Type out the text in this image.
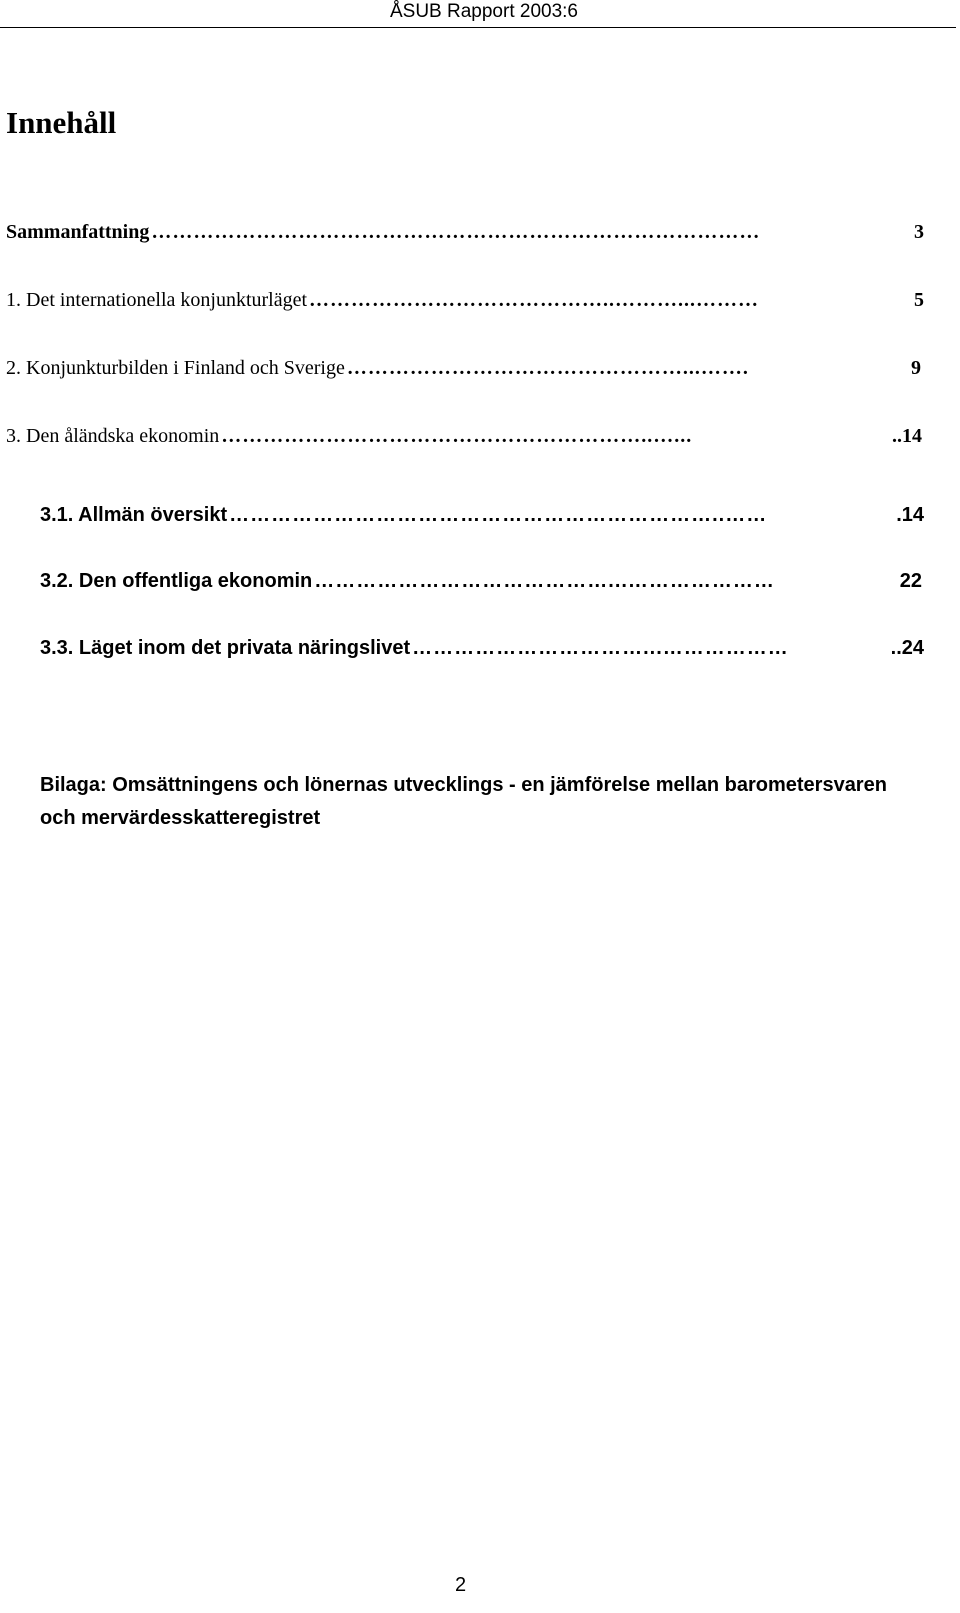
ÅSUB Rapport 2003:6
Innehåll
Sammanfattning ……………………………………………………………………………	3
1. Det internationella konjunkturläget ……………………………………..………...………	5
2. Konjunkturbilden i Finland och Sverige …………………………………………...…….	9
3. Den åländska ekonomin ……………………………………………………..…...	..14
3.1. Allmän översikt ……………………………………………………………..……	.14
3.2. Den offentliga ekonomin ……………………………………...…………………	22
3.3. Läget inom det privata näringslivet ……………………………...………………	..24
Bilaga: Omsättningens och lönernas utvecklings - en jämförelse mellan barometersvaren och mervärdesskatteregistret
2
